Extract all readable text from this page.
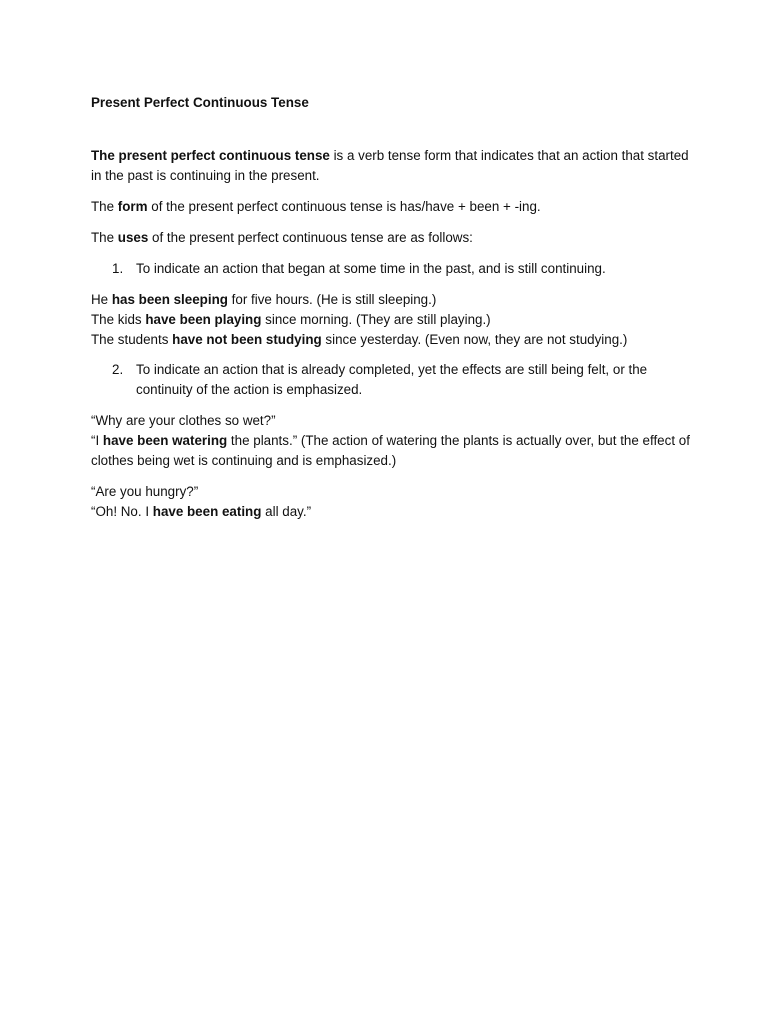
Present Perfect Continuous Tense

The present perfect continuous tense is a verb tense form that indicates that an action that started in the past is continuing in the present.

The form of the present perfect continuous tense is has/have + been + -ing.

The uses of the present perfect continuous tense are as follows:

1. To indicate an action that began at some time in the past, and is still continuing.

He has been sleeping for five hours. (He is still sleeping.)

The kids have been playing since morning. (They are still playing.)

The students have not been studying since yesterday. (Even now, they are not studying.)

2. To indicate an action that is already completed, yet the effects are still being felt, or the continuity of the action is emphasized.

“Why are your clothes so wet?”

“I have been watering the plants.” (The action of watering the plants is actually over, but the effect of clothes being wet is continuing and is emphasized.)

“Are you hungry?”

“Oh! No. I have been eating all day.”
